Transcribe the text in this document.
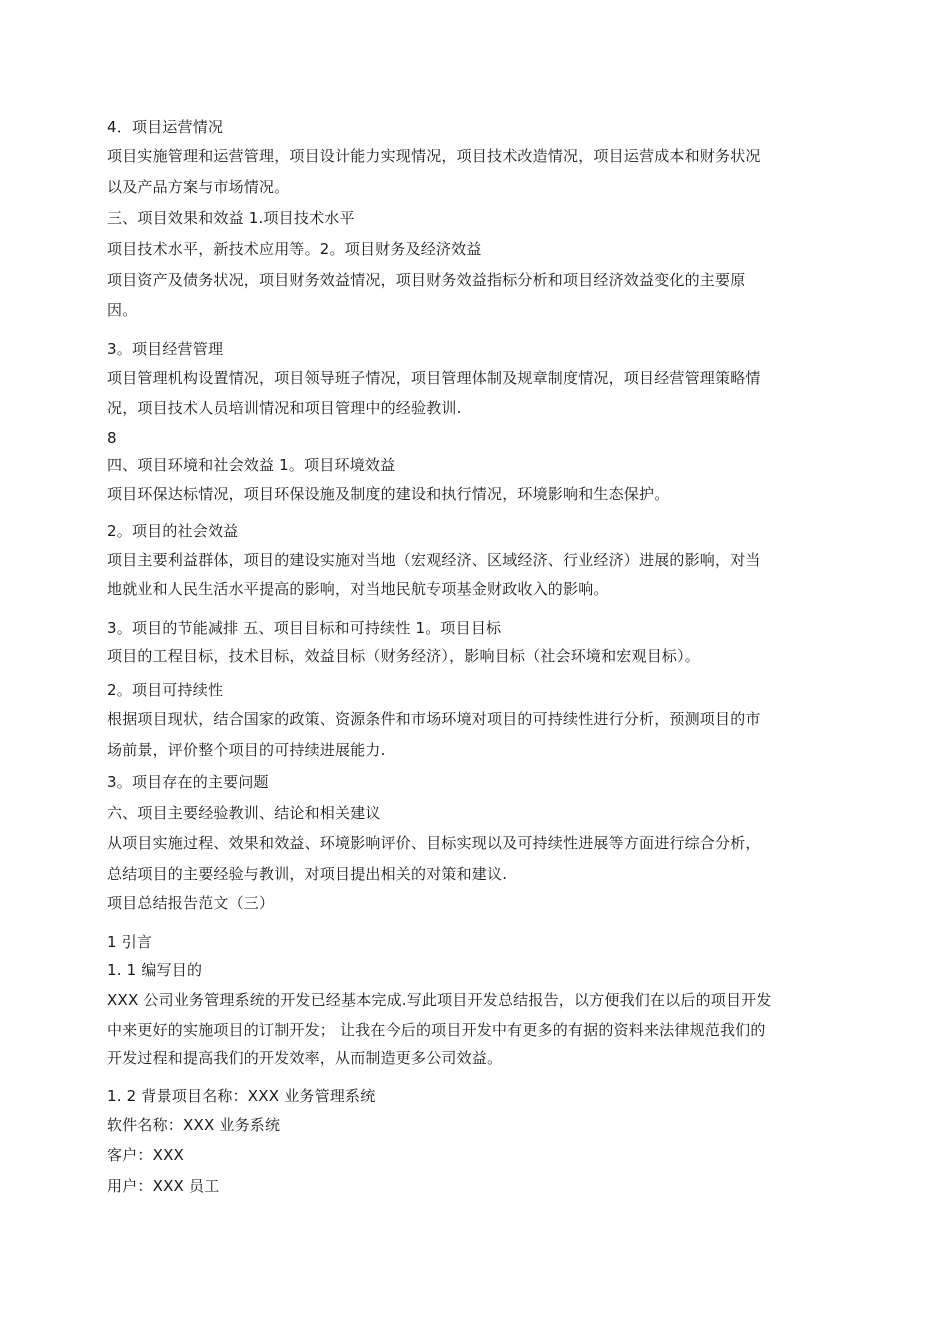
4．项目运营情况
项目实施管理和运营管理，项目设计能力实现情况，项目技术改造情况，项目运营成本和财务状况
以及产品方案与市场情况。
三、项目效果和效益 1.项目技术水平
项目技术水平，新技术应用等。2。项目财务及经济效益
项目资产及债务状况，项目财务效益情况，项目财务效益指标分析和项目经济效益变化的主要原
因。
3。项目经营管理
项目管理机构设置情况，项目领导班子情况，项目管理体制及规章制度情况，项目经营管理策略情
况，项目技术人员培训情况和项目管理中的经验教训.
8
四、项目环境和社会效益 1。项目环境效益
项目环保达标情况，项目环保设施及制度的建设和执行情况，环境影响和生态保护。
2。项目的社会效益
项目主要利益群体，项目的建设实施对当地（宏观经济、区域经济、行业经济）进展的影响，对当
地就业和人民生活水平提高的影响，对当地民航专项基金财政收入的影响。
3。项目的节能减排 五、项目目标和可持续性 1。项目目标
项目的工程目标，技术目标，效益目标（财务经济），影响目标（社会环境和宏观目标）。
2。项目可持续性
根据项目现状，结合国家的政策、资源条件和市场环境对项目的可持续性进行分析，预测项目的市
场前景，评价整个项目的可持续进展能力.
3。项目存在的主要问题
六、项目主要经验教训、结论和相关建议
从项目实施过程、效果和效益、环境影响评价、目标实现以及可持续性进展等方面进行综合分析，
总结项目的主要经验与教训，对项目提出相关的对策和建议.
项目总结报告范文（三）
1 引言
1. 1 编写目的
XXX 公司业务管理系统的开发已经基本完成.写此项目开发总结报告，以方便我们在以后的项目开发
中来更好的实施项目的订制开发； 让我在今后的项目开发中有更多的有据的资料来法律规范我们的
开发过程和提高我们的开发效率，从而制造更多公司效益。
1. 2 背景项目名称：XXX 业务管理系统
软件名称：XXX 业务系统
客户：XXX
用户：XXX 员工
